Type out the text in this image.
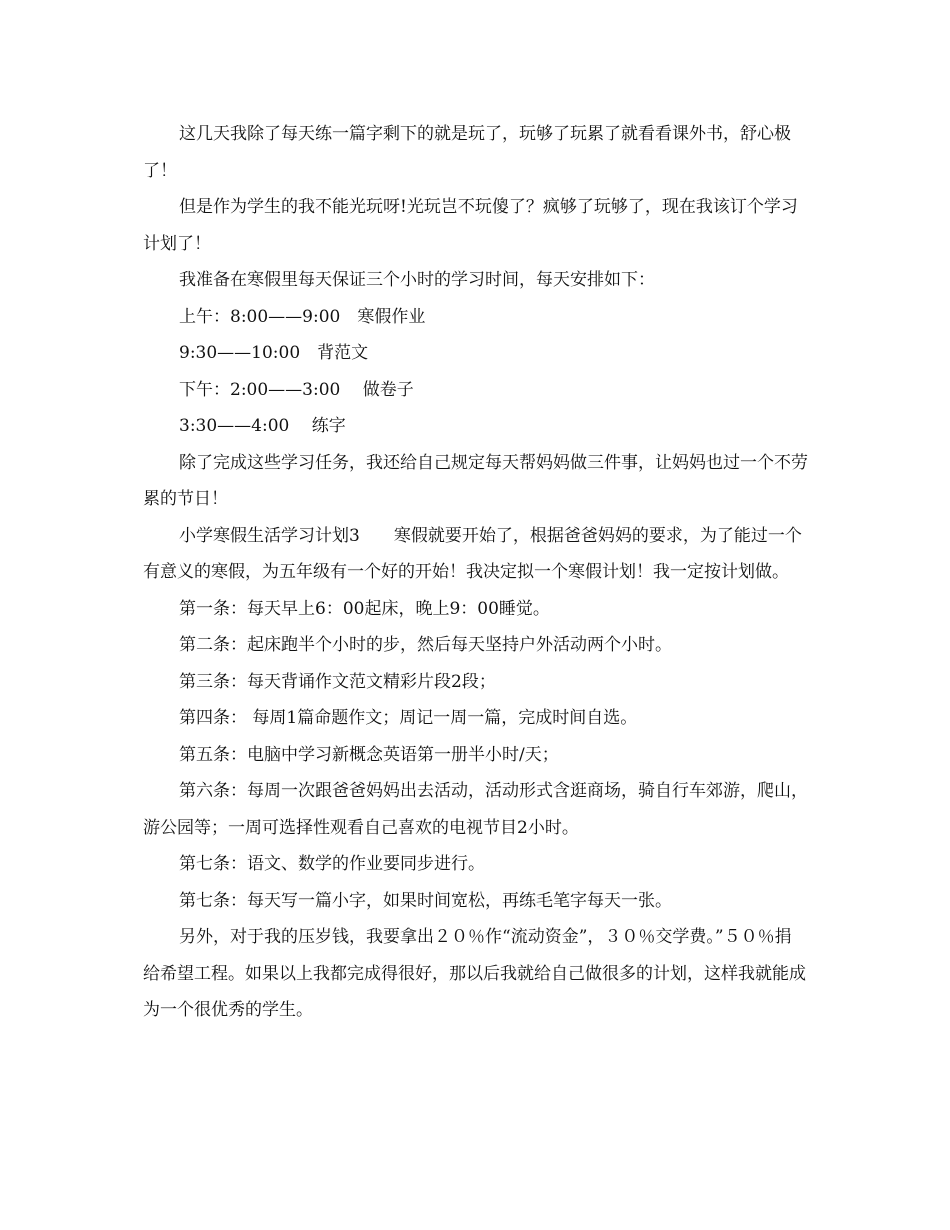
这几天我除了每天练一篇字剩下的就是玩了，玩够了玩累了就看看课外书，舒心极了！

但是作为学生的我不能光玩呀!光玩岂不玩傻了？疯够了玩够了，现在我该订个学习计划了！

我准备在寒假里每天保证三个小时的学习时间，每天安排如下：

上午：8:00——9:00　寒假作业

9:30——10:00　背范文

下午：2:00——3:00　 做卷子

3:30——4:00　 练字

除了完成这些学习任务，我还给自己规定每天帮妈妈做三件事，让妈妈也过一个不劳累的节日！

小学寒假生活学习计划3　　寒假就要开始了，根据爸爸妈妈的要求，为了能过一个有意义的寒假，为五年级有一个好的开始！我决定拟一个寒假计划！我一定按计划做。

第一条：每天早上6：00起床，晚上9：00睡觉。

第二条：起床跑半个小时的步，然后每天坚持户外活动两个小时。

第三条：每天背诵作文范文精彩片段2段；

第四条： 每周1篇命题作文；周记一周一篇，完成时间自选。

第五条：电脑中学习新概念英语第一册半小时/天；

第六条：每周一次跟爸爸妈妈出去活动，活动形式含逛商场，骑自行车郊游，爬山，游公园等；一周可选择性观看自己喜欢的电视节目2小时。

第七条：语文、数学的作业要同步进行。

第七条：每天写一篇小字，如果时间宽松，再练毛笔字每天一张。

另外，对于我的压岁钱，我要拿出２０％作“流动资金”，３０％交学费。”５０％捐给希望工程。如果以上我都完成得很好，那以后我就给自己做很多的计划，这样我就能成为一个很优秀的学生。
